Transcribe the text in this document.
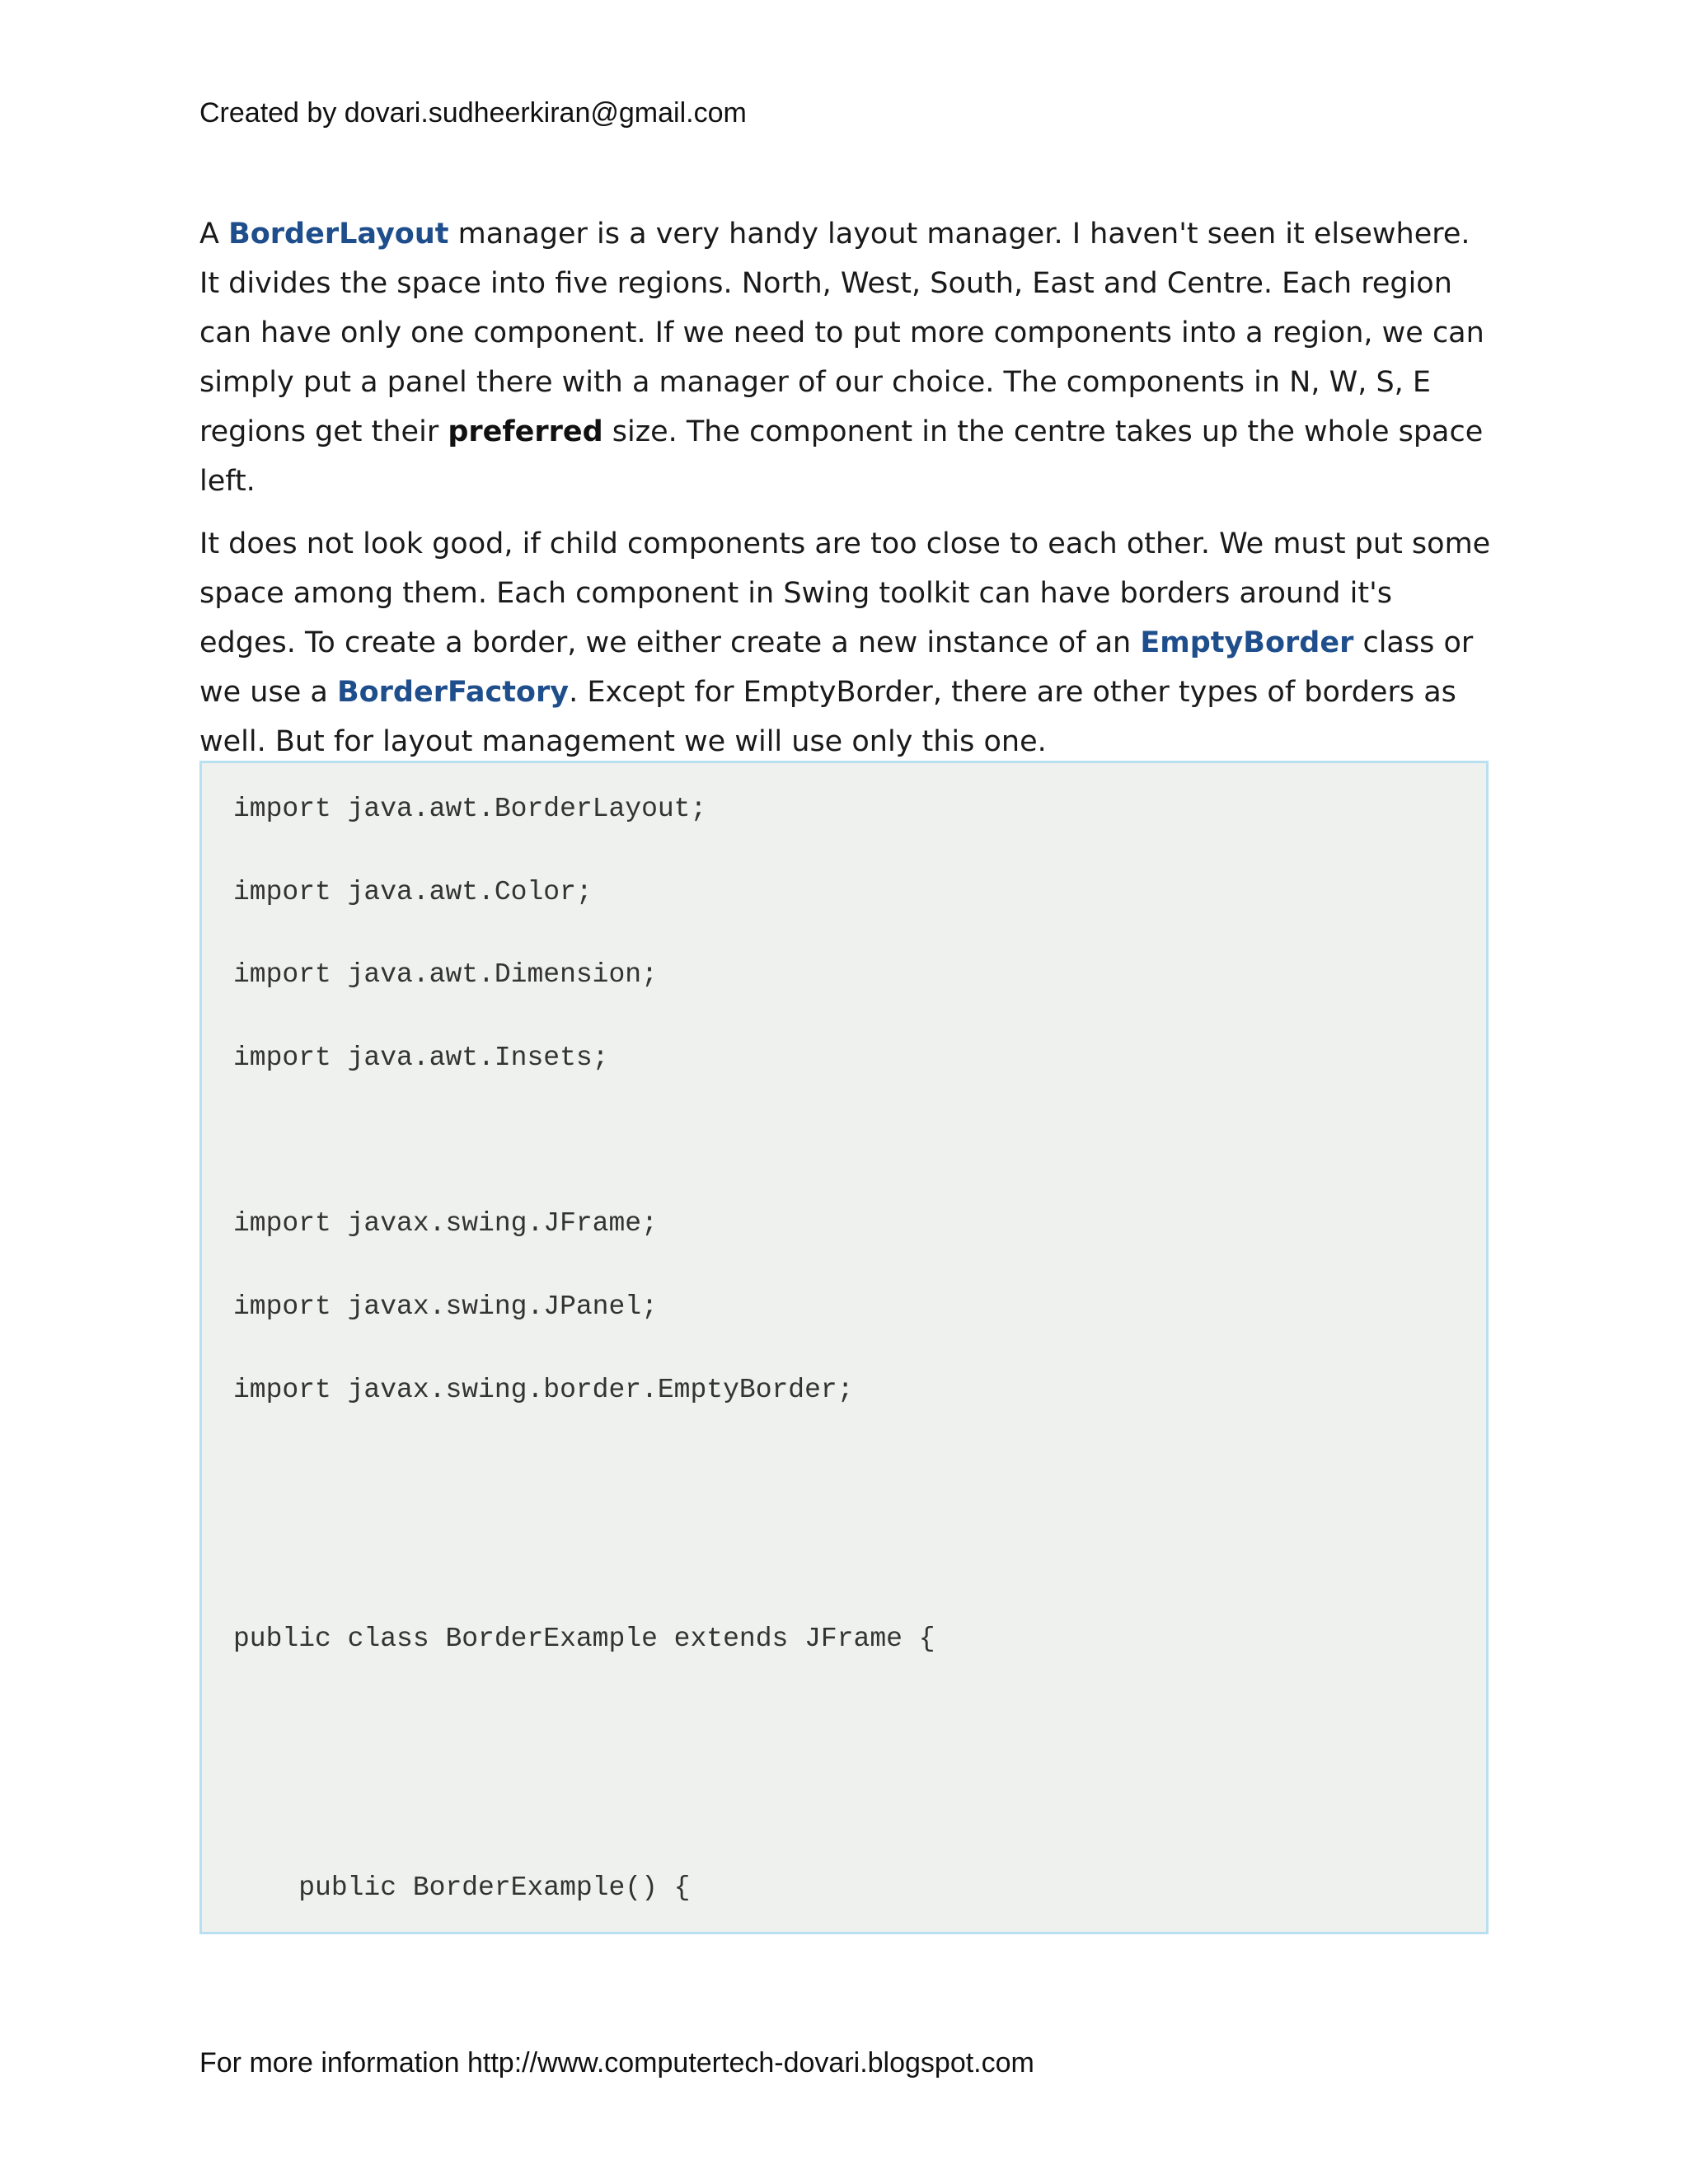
Created by dovari.sudheerkiran@gmail.com

A BorderLayout manager is a very handy layout manager. I haven't seen it elsewhere. It divides the space into five regions. North, West, South, East and Centre. Each region can have only one component. If we need to put more components into a region, we can simply put a panel there with a manager of our choice. The components in N, W, S, E regions get their preferred size. The component in the centre takes up the whole space left.

It does not look good, if child components are too close to each other. We must put some space among them. Each component in Swing toolkit can have borders around it's edges. To create a border, we either create a new instance of an EmptyBorder class or we use a BorderFactory. Except for EmptyBorder, there are other types of borders as well. But for layout management we will use only this one.

import java.awt.BorderLayout;
import java.awt.Color;
import java.awt.Dimension;
import java.awt.Insets;
import javax.swing.JFrame;
import javax.swing.JPanel;
import javax.swing.border.EmptyBorder;
public class BorderExample extends JFrame {
public BorderExample() {
For more information http://www.computertech-dovari.blogspot.com
